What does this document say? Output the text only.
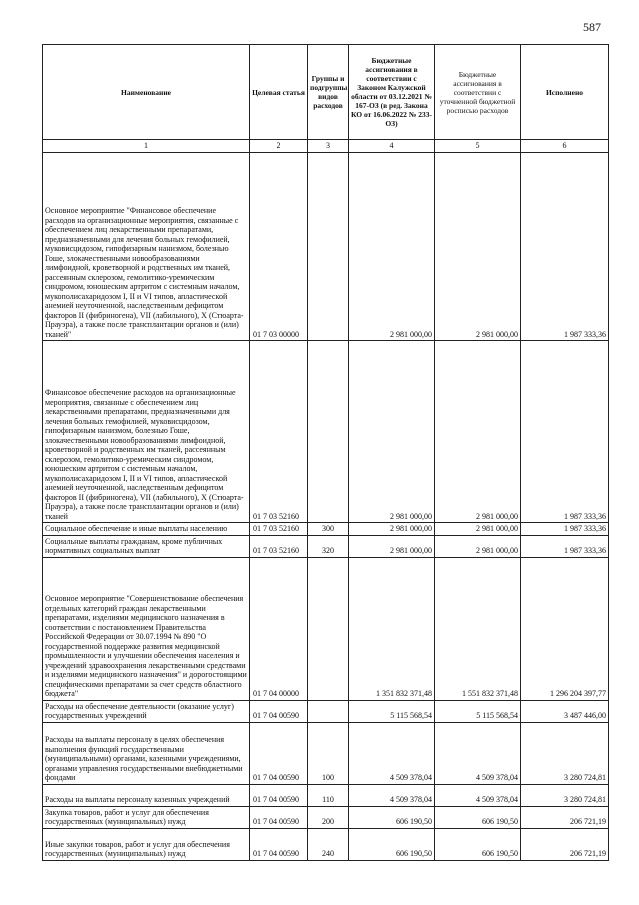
587
Наименование	Целевая статья	Группы и подгруппы видов расходов	Бюджетные ассигнования в соответствии с Законом Калужской области от 03.12.2021 № 167-ОЗ (в ред. Закона КО от 16.06.2022 № 233-ОЗ)	Бюджетные ассигнования в соответствии с уточненной бюджетной росписью расходов	Исполнено
1	2	3	4	5	6
Основное мероприятие "Финансовое обеспечение расходов на организационные мероприятия, связанные с обеспечением лиц лекарственными препаратами, предназначенными для лечения больных гемофилией, муковисцидозом, гипофизарным нанизмом, болезнью Гоше, злокачественными новообразованиями лимфоидной, кроветворной и родственных им тканей, рассеянным склерозом, гемолитико-уремическим синдромом, юношеским артритом с системным началом, мукополисахаридозом I, II и VI типов, апластической анемией неуточненной, наследственным дефицитом факторов II (фибриногена), VII (лабильного), X (Стюарта-Прауэра), а также после трансплантации органов и (или) тканей"	01 7 03 00000		2 981 000,00	2 981 000,00	1 987 333,36
Финансовое обеспечение расходов на организационные мероприятия, связанные с обеспечением лиц лекарственными препаратами, предназначенными для лечения больных гемофилией, муковисцидозом, гипофизарным нанизмом, болезнью Гоше, злокачественными новообразованиями лимфоидной, кроветворной и родственных им тканей, рассеянным склерозом, гемолитико-уремическим синдромом, юношеским артритом с системным началом, мукополисахаридозом I, II и VI типов, апластической анемией неуточненной, наследственным дефицитом факторов II (фибриногена), VII (лабильного), X (Стюарта-Прауэра), а также после трансплантации органов и (или) тканей	01 7 03 52160		2 981 000,00	2 981 000,00	1 987 333,36
Социальное обеспечение и иные выплаты населению	01 7 03 52160	300	2 981 000,00	2 981 000,00	1 987 333,36
Социальные выплаты гражданам, кроме публичных нормативных социальных выплат	01 7 03 52160	320	2 981 000,00	2 981 000,00	1 987 333,36
Основное мероприятие "Совершенствование обеспечения отдельных категорий граждан лекарственными препаратами, изделиями медицинского назначения в соответствии с постановлением Правительства Российской Федерации от 30.07.1994 № 890 "О государственной поддержке развития медицинской промышленности и улучшении обеспечения населения и учреждений здравоохранения лекарственными средствами и изделиями медицинского назначения" и дорогостоящими специфическими препаратами за счет средств областного бюджета"	01 7 04 00000		1 351 832 371,48	1 551 832 371,48	1 296 204 397,77
Расходы на обеспечение деятельности (оказание услуг) государственных учреждений	01 7 04 00590		5 115 568,54	5 115 568,54	3 487 446,00
Расходы на выплаты персоналу в целях обеспечения выполнения функций государственными (муниципальными) органами, казенными учреждениями, органами управления государственными внебюджетными фондами	01 7 04 00590	100	4 509 378,04	4 509 378,04	3 280 724,81
Расходы на выплаты персоналу казенных учреждений	01 7 04 00590	110	4 509 378,04	4 509 378,04	3 280 724,81
Закупка товаров, работ и услуг для обеспечения государственных (муниципальных) нужд	01 7 04 00590	200	606 190,50	606 190,50	206 721,19
Иные закупки товаров, работ и услуг для обеспечения государственных (муниципальных) нужд	01 7 04 00590	240	606 190,50	606 190,50	206 721,19
